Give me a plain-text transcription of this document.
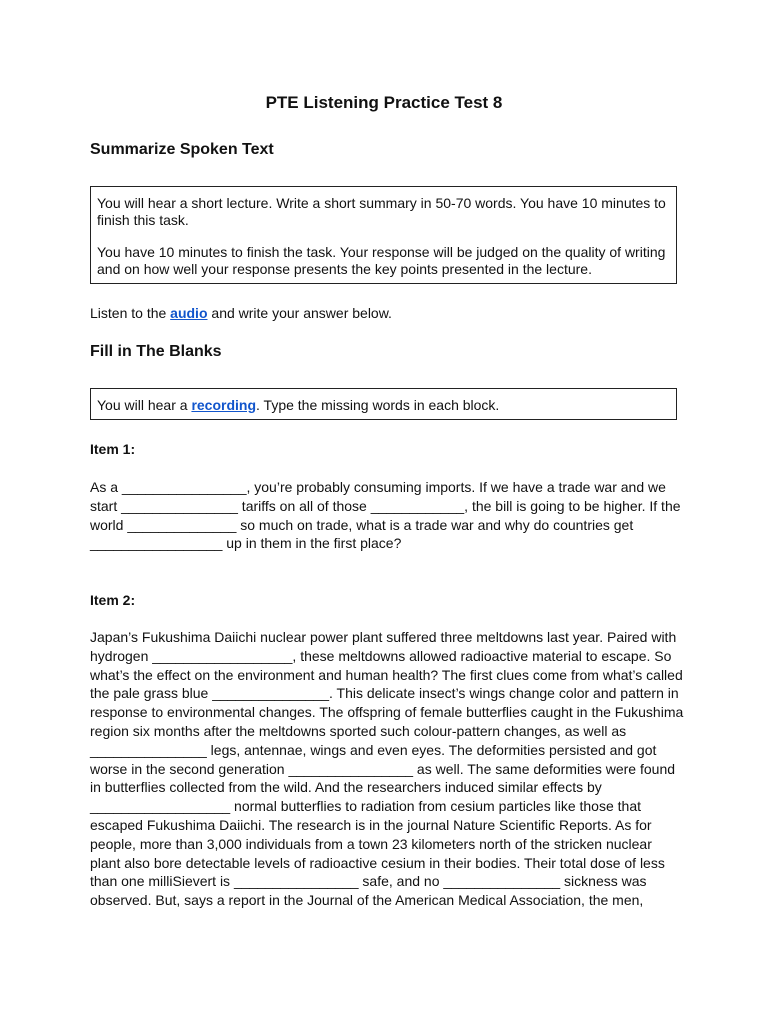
PTE Listening Practice Test 8
Summarize Spoken Text
You will hear a short lecture. Write a short summary in 50-70 words. You have 10 minutes to
finish this task.
You have 10 minutes to finish the task. Your response will be judged on the quality of writing
and on how well your response presents the key points presented in the lecture.
Listen to the audio and write your answer below.
Fill in The Blanks
You will hear a recording. Type the missing words in each block.
Item 1:
As a ________________, you’re probably consuming imports. If we have a trade war and we
start _______________ tariffs on all of those ____________, the bill is going to be higher. If the
world ______________ so much on trade, what is a trade war and why do countries get
_________________ up in them in the first place?
Item 2:
Japan’s Fukushima Daiichi nuclear power plant suffered three meltdowns last year. Paired with
hydrogen __________________, these meltdowns allowed radioactive material to escape. So
what’s the effect on the environment and human health? The first clues come from what’s called
the pale grass blue _______________. This delicate insect’s wings change color and pattern in
response to environmental changes. The offspring of female butterflies caught in the Fukushima
region six months after the meltdowns sported such colour-pattern changes, as well as
_______________ legs, antennae, wings and even eyes. The deformities persisted and got
worse in the second generation ________________ as well. The same deformities were found
in butterflies collected from the wild. And the researchers induced similar effects by
__________________ normal butterflies to radiation from cesium particles like those that
escaped Fukushima Daiichi. The research is in the journal Nature Scientific Reports. As for
people, more than 3,000 individuals from a town 23 kilometers north of the stricken nuclear
plant also bore detectable levels of radioactive cesium in their bodies. Their total dose of less
than one milliSievert is ________________ safe, and no _______________ sickness was
observed. But, says a report in the Journal of the American Medical Association, the men,
